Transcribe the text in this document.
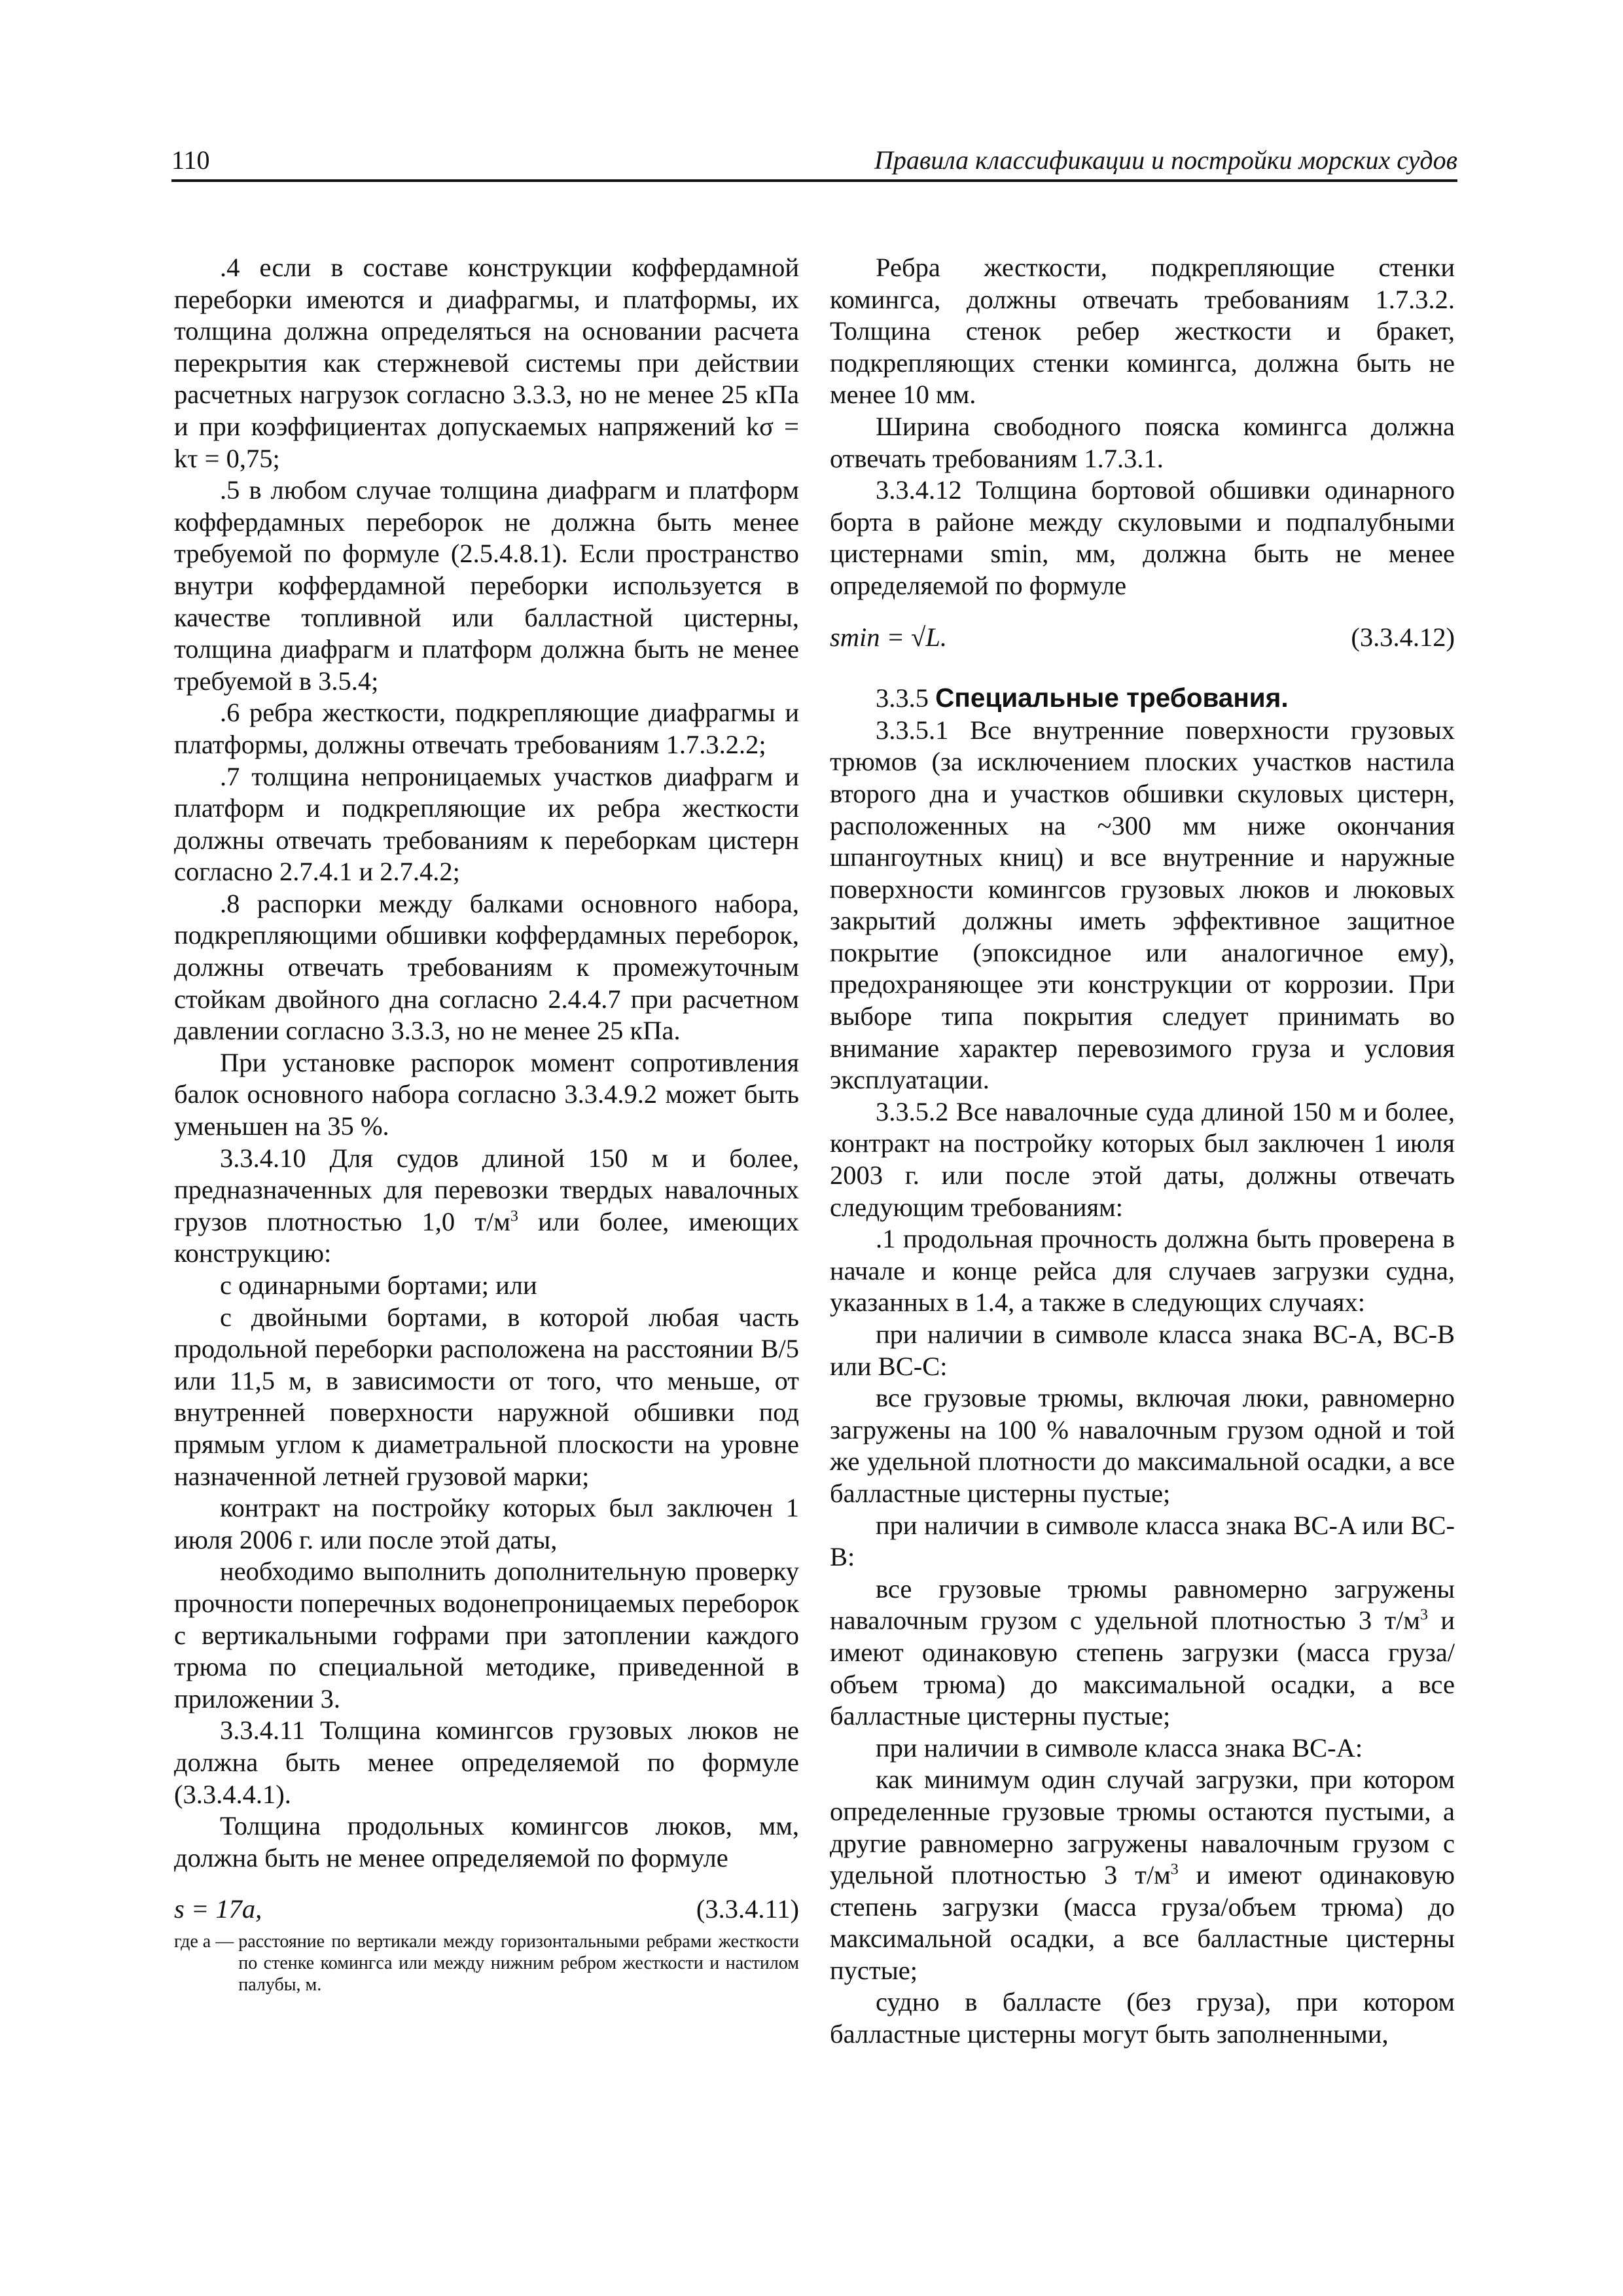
110	Правила классификации и постройки морских судов

.4 если в составе конструкции коффердамной переборки имеются и диафрагмы, и платформы, их толщина должна определяться на основании расчета перекрытия как стержневой системы при действии расчетных нагрузок согласно 3.3.3, но не менее 25 кПа и при коэффициентах допускаемых напряжений kσ = kτ = 0,75;

.5 в любом случае толщина диафрагм и платформ коффердамных переборок не должна быть менее требуемой по формуле (2.5.4.8.1). Если пространство внутри коффердамной переборки используется в качестве топливной или балластной цистерны, толщина диафрагм и платформ должна быть не менее требуемой в 3.5.4;

.6 ребра жесткости, подкрепляющие диафрагмы и платформы, должны отвечать требованиям 1.7.3.2.2;

.7 толщина непроницаемых участков диафрагм и платформ и подкрепляющие их ребра жесткости должны отвечать требованиям к переборкам цистерн согласно 2.7.4.1 и 2.7.4.2;

.8 распорки между балками основного набора, подкрепляющими обшивки коффердамных переборок, должны отвечать требованиям к промежуточным стойкам двойного дна согласно 2.4.4.7 при расчетном давлении согласно 3.3.3, но не менее 25 кПа.

При установке распорок момент сопротивления балок основного набора согласно 3.3.4.9.2 может быть уменьшен на 35 %.

3.3.4.10 Для судов длиной 150 м и более, предназначенных для перевозки твердых навалочных грузов плотностью 1,0 $т/м^3$ или более, имеющих конструкцию:

с одинарными бортами; или

с двойными бортами, в которой любая часть продольной переборки расположена на расстоянии B/5 или 11,5 м, в зависимости от того, что меньше, от внутренней поверхности наружной обшивки под прямым углом к диаметральной плоскости на уровне назначенной летней грузовой марки;

контракт на постройку которых был заключен 1 июля 2006 г. или после этой даты,

необходимо выполнить дополнительную проверку прочности поперечных водонепроницаемых переборок с вертикальными гофрами при затоплении каждого трюма по специальной методике, приведенной в приложении 3.

3.3.4.11 Толщина комингсов грузовых люков не должна быть менее определяемой по формуле (3.3.4.4.1).

Толщина продольных комингсов люков, мм, должна быть не менее определяемой по формуле

s = 17a,	(3.3.4.11)
где a — расстояние по вертикали между горизонтальными ребрами жесткости по стенке комингса или между нижним ребром жесткости и настилом палубы, м.

Ребра жесткости, подкрепляющие стенки комингса, должны отвечать требованиям 1.7.3.2. Толщина стенок ребер жесткости и бракет, подкрепляющих стенки комингса, должна быть не менее 10 мм.

Ширина свободного пояска комингса должна отвечать требованиям 1.7.3.1.

3.3.4.12 Толщина бортовой обшивки одинарного борта в районе между скуловыми и подпалубными цистернами smin, мм, должна быть не менее определяемой по формуле

smin = √L.	(3.3.4.12)

3.3.5 Специальные требования.

3.3.5.1 Все внутренние поверхности грузовых трюмов (за исключением плоских участков настила второго дна и участков обшивки скуловых цистерн, расположенных на ~300 мм ниже окончания шпангоутных книц) и все внутренние и наружные поверхности комингсов грузовых люков и люковых закрытий должны иметь эффективное защитное покрытие (эпоксидное или аналогичное ему), предохраняющее эти конструкции от коррозии. При выборе типа покрытия следует принимать во внимание характер перевозимого груза и условия эксплуатации.

3.3.5.2 Все навалочные суда длиной 150 м и более, контракт на постройку которых был заключен 1 июля 2003 г. или после этой даты, должны отвечать следующим требованиям:

.1 продольная прочность должна быть проверена в начале и конце рейса для случаев загрузки судна, указанных в 1.4, а также в следующих случаях:

при наличии в символе класса знака BC-A, BC-B или BC-C:

все грузовые трюмы, включая люки, равномерно загружены на 100 % навалочным грузом одной и той же удельной плотности до максимальной осадки, а все балластные цистерны пустые;

при наличии в символе класса знака BC-A или BC-B:

все грузовые трюмы равномерно загружены навалочным грузом с удельной плотностью 3 $т/м^3$ и имеют одинаковую степень загрузки (масса груза/объем трюма) до максимальной осадки, а все балластные цистерны пустые;

при наличии в символе класса знака BC-A:

как минимум один случай загрузки, при котором определенные грузовые трюмы остаются пустыми, а другие равномерно загружены навалочным грузом с удельной плотностью 3 $т/м^3$ и имеют одинаковую степень загрузки (масса груза/объем трюма) до максимальной осадки, а все балластные цистерны пустые;

судно в балласте (без груза), при котором балластные цистерны могут быть заполненными,
